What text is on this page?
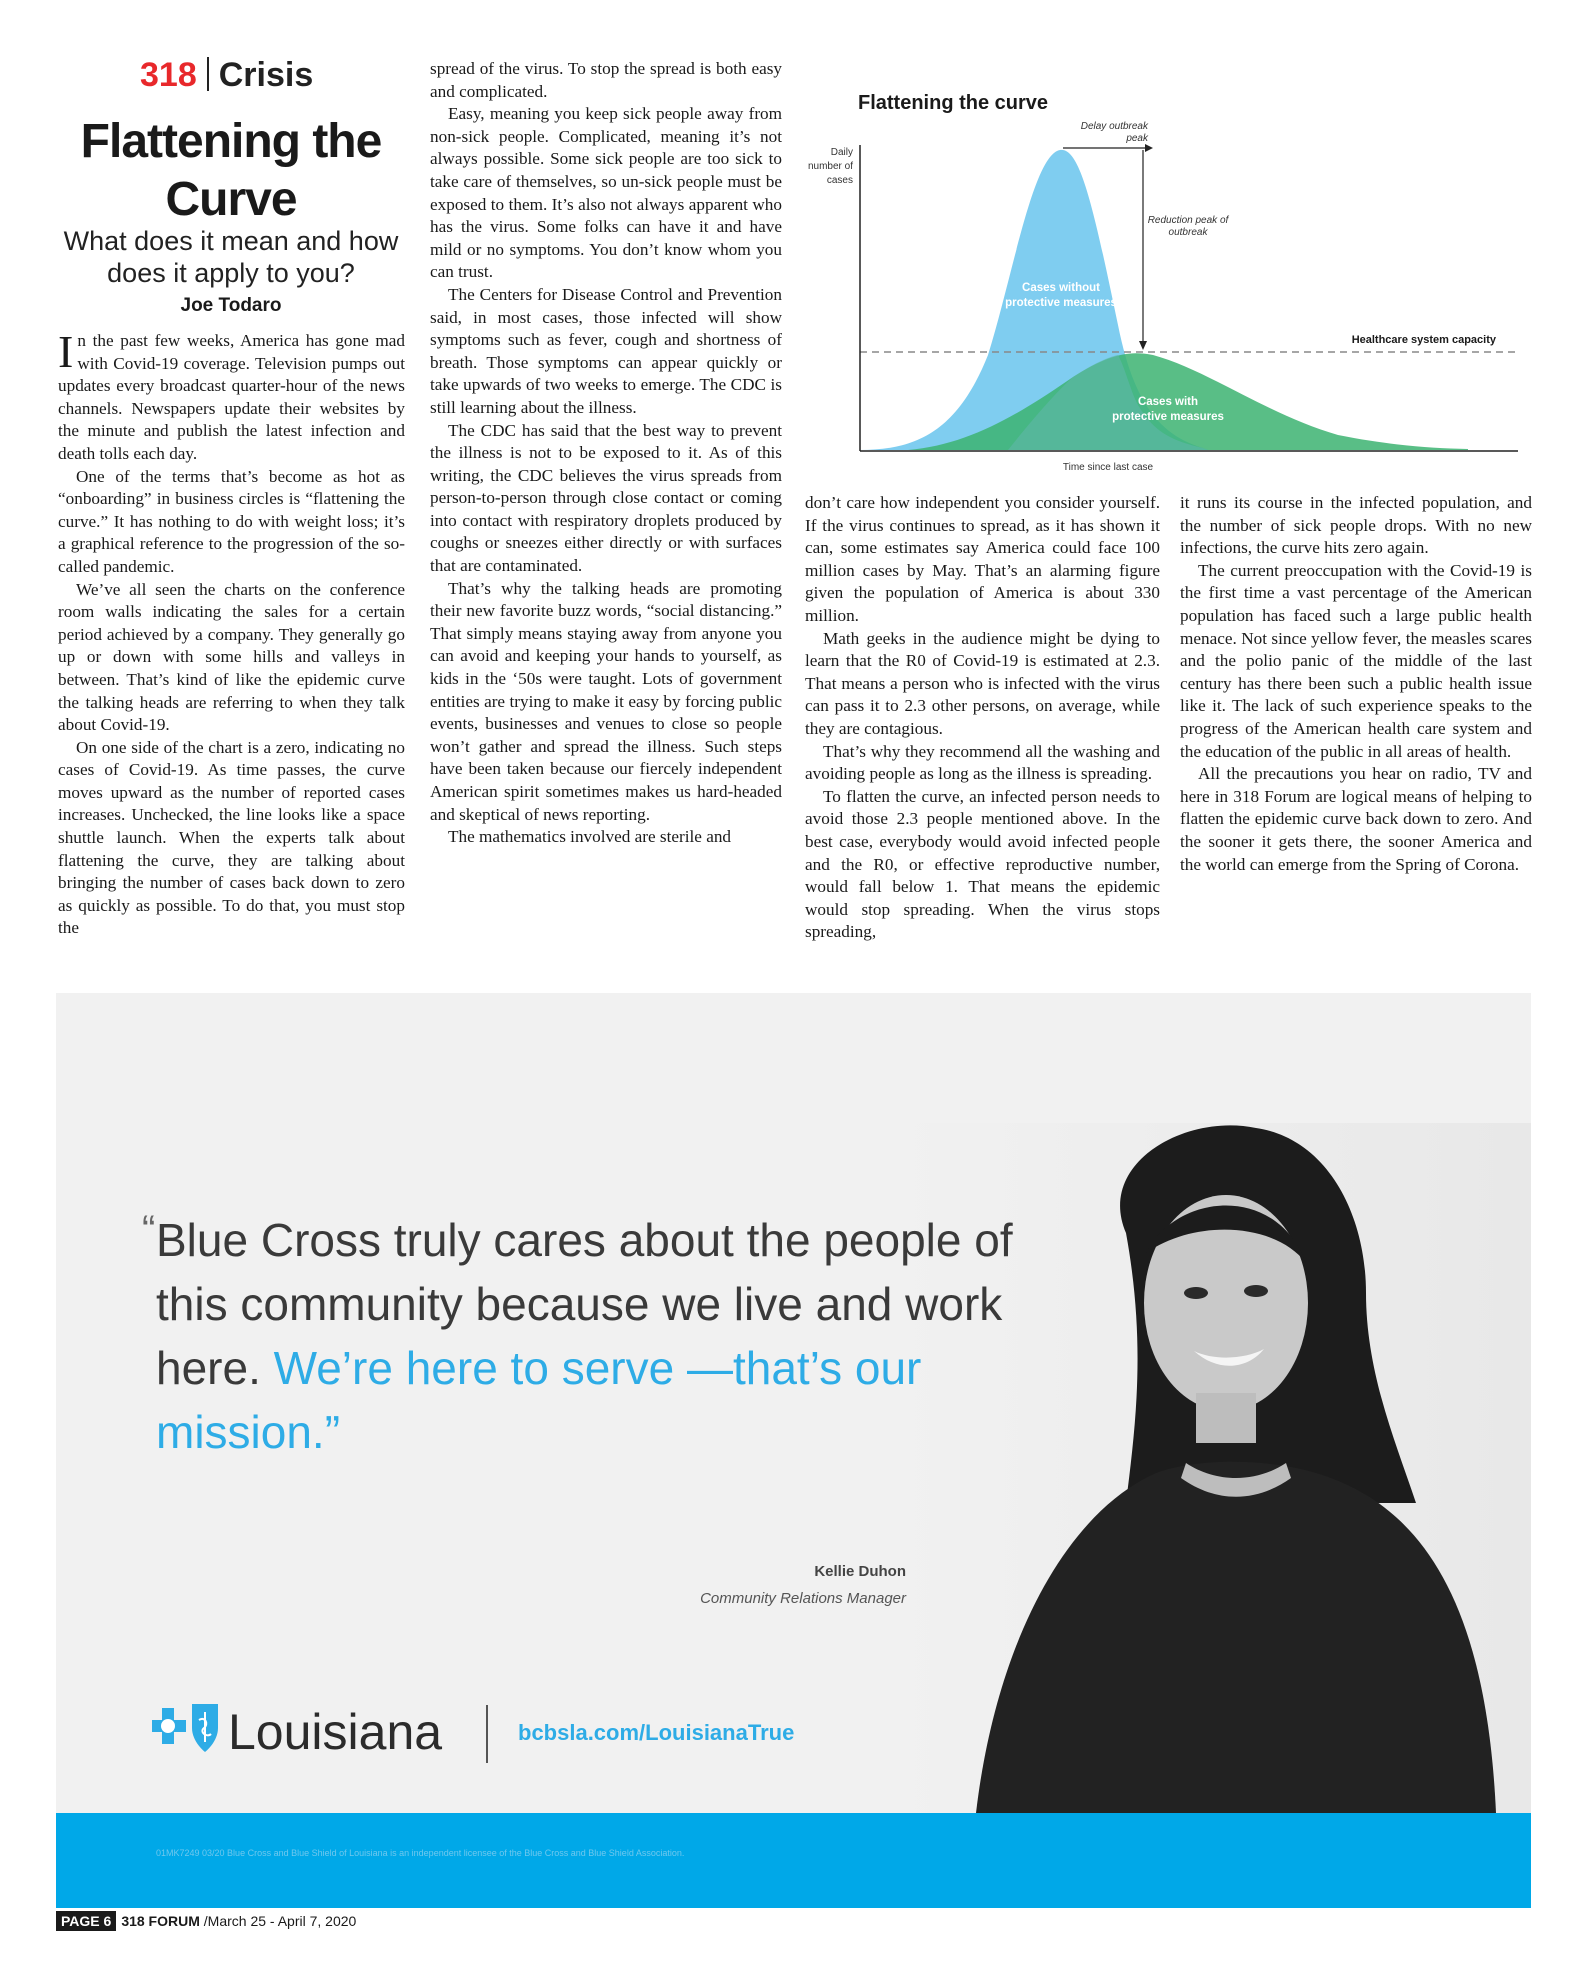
318 Crisis
Flattening the Curve
What does it mean and how does it apply to you?
Joe Todaro

In the past few weeks, America has gone mad with Covid-19 coverage. Television pumps out updates every broadcast quarter-hour of the news channels. Newspapers update their websites by the minute and publish the latest infection and death tolls each day.

One of the terms that’s become as hot as “onboarding” in business circles is “flattening the curve.” It has nothing to do with weight loss; it’s a graphical reference to the progression of the so-called pandemic.

We’ve all seen the charts on the conference room walls indicating the sales for a certain period achieved by a company. They generally go up or down with some hills and valleys in between. That’s kind of like the epidemic curve the talking heads are referring to when they talk about Covid-19.

On one side of the chart is a zero, indicating no cases of Covid-19. As time passes, the curve moves upward as the number of reported cases increases. Unchecked, the line looks like a space shuttle launch. When the experts talk about flattening the curve, they are talking about bringing the number of cases back down to zero as quickly as possible. To do that, you must stop the

spread of the virus. To stop the spread is both easy and complicated.

Easy, meaning you keep sick people away from non-sick people. Complicated, meaning it’s not always possible. Some sick people are too sick to take care of themselves, so un-sick people must be exposed to them. It’s also not always apparent who has the virus. Some folks can have it and have mild or no symptoms. You don’t know whom you can trust.

The Centers for Disease Control and Prevention said, in most cases, those infected will show symptoms such as fever, cough and shortness of breath. Those symptoms can appear quickly or take upwards of two weeks to emerge. The CDC is still learning about the illness.

The CDC has said that the best way to prevent the illness is not to be exposed to it. As of this writing, the CDC believes the virus spreads from person-to-person through close contact or coming into contact with respiratory droplets produced by coughs or sneezes either directly or with surfaces that are contaminated.

That’s why the talking heads are promoting their new favorite buzz words, “social distancing.” That simply means staying away from anyone you can avoid and keeping your hands to yourself, as kids in the ‘50s were taught. Lots of government entities are trying to make it easy by forcing public events, businesses and venues to close so people won’t gather and spread the illness. Such steps have been taken because our fiercely independent American spirit sometimes makes us hard-headed and skeptical of news reporting.

The mathematics involved are sterile and

don’t care how independent you consider yourself. If the virus continues to spread, as it has shown it can, some estimates say America could face 100 million cases by May. That’s an alarming figure given the population of America is about 330 million.

Math geeks in the audience might be dying to learn that the R0 of Covid-19 is estimated at 2.3. That means a person who is infected with the virus can pass it to 2.3 other persons, on average, while they are contagious.

That’s why they recommend all the washing and avoiding people as long as the illness is spreading.

To flatten the curve, an infected person needs to avoid those 2.3 people mentioned above. In the best case, everybody would avoid infected people and the R0, or effective reproductive number, would fall below 1. That means the epidemic would stop spreading. When the virus stops spreading,

it runs its course in the infected population, and the number of sick people drops. With no new infections, the curve hits zero again.

The current preoccupation with the Covid-19 is the first time a vast percentage of the American population has faced such a large public health menace. Not since yellow fever, the measles scares and the polio panic of the middle of the last century has there been such a public health issue like it. The lack of such experience speaks to the progress of the American health care system and the education of the public in all areas of health.

All the precautions you hear on radio, TV and here in 318 Forum are logical means of helping to flatten the epidemic curve back down to zero. And the sooner it gets there, the sooner America and the world can emerge from the Spring of Corona.

Flattening the curve
Daily number of cases
Healthcare system capacity
Time since last case
Delay outbreak peak
Reduction peak of outbreak
Cases without protective measures
Cases with protective measures
“ Blue Cross truly cares about the people of this community because we live and work here. We’re here to serve —that’s our mission.”
Kellie Duhon
Community Relations Manager
Louisiana	bcbsla.com/LouisianaTrue
01MK7249 03/20 Blue Cross and Blue Shield of Louisiana is an independent licensee of the Blue Cross and Blue Shield Association.
PAGE 6 318 FORUM /March 25 - April 7, 2020
